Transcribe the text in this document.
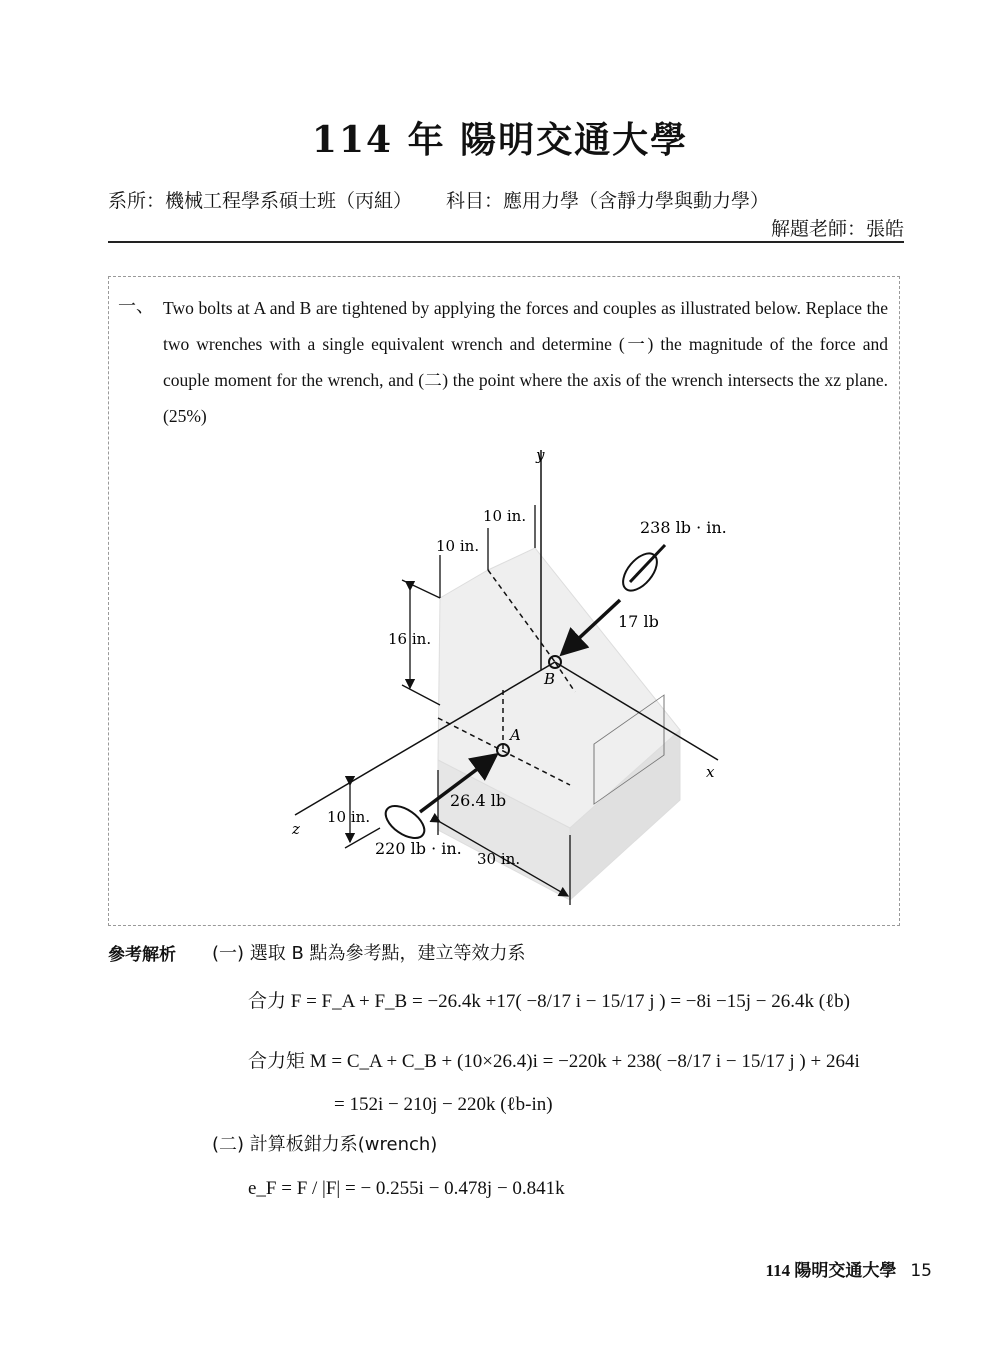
114 年 陽明交通大學
系所：機械工程學系碩士班（丙組） 科目：應用力學（含靜力學與動力學）
解題老師：張皓
一、 Two bolts at A and B are tightened by applying the forces and couples as illustrated below. Replace the two wrenches with a single equivalent wrench and determine (一) the magnitude of the force and couple moment for the wrench, and (二) the point where the axis of the wrench intersects the xz plane. (25%)
y
x
z
10 in.
10 in.
16 in.
10 in.
30 in.
B
238 lb · in.
17 lb
A
26.4 lb
220 lb · in.
參考解析 (一) 選取 B 點為參考點，建立等效力系
合力 F = F_A + F_B = −26.4k +17( −8/17 i − 15/17 j ) = −8i −15j − 26.4k (ℓb)
合力矩 M = C_A + C_B + (10×26.4)i = −220k + 238( −8/17 i − 15/17 j ) + 264i
= 152i − 210j − 220k (ℓb-in)
(二) 計算板鉗力系(wrench)
e_F = F / |F| = − 0.255i − 0.478j − 0.841k
114 陽明交通大學 15
